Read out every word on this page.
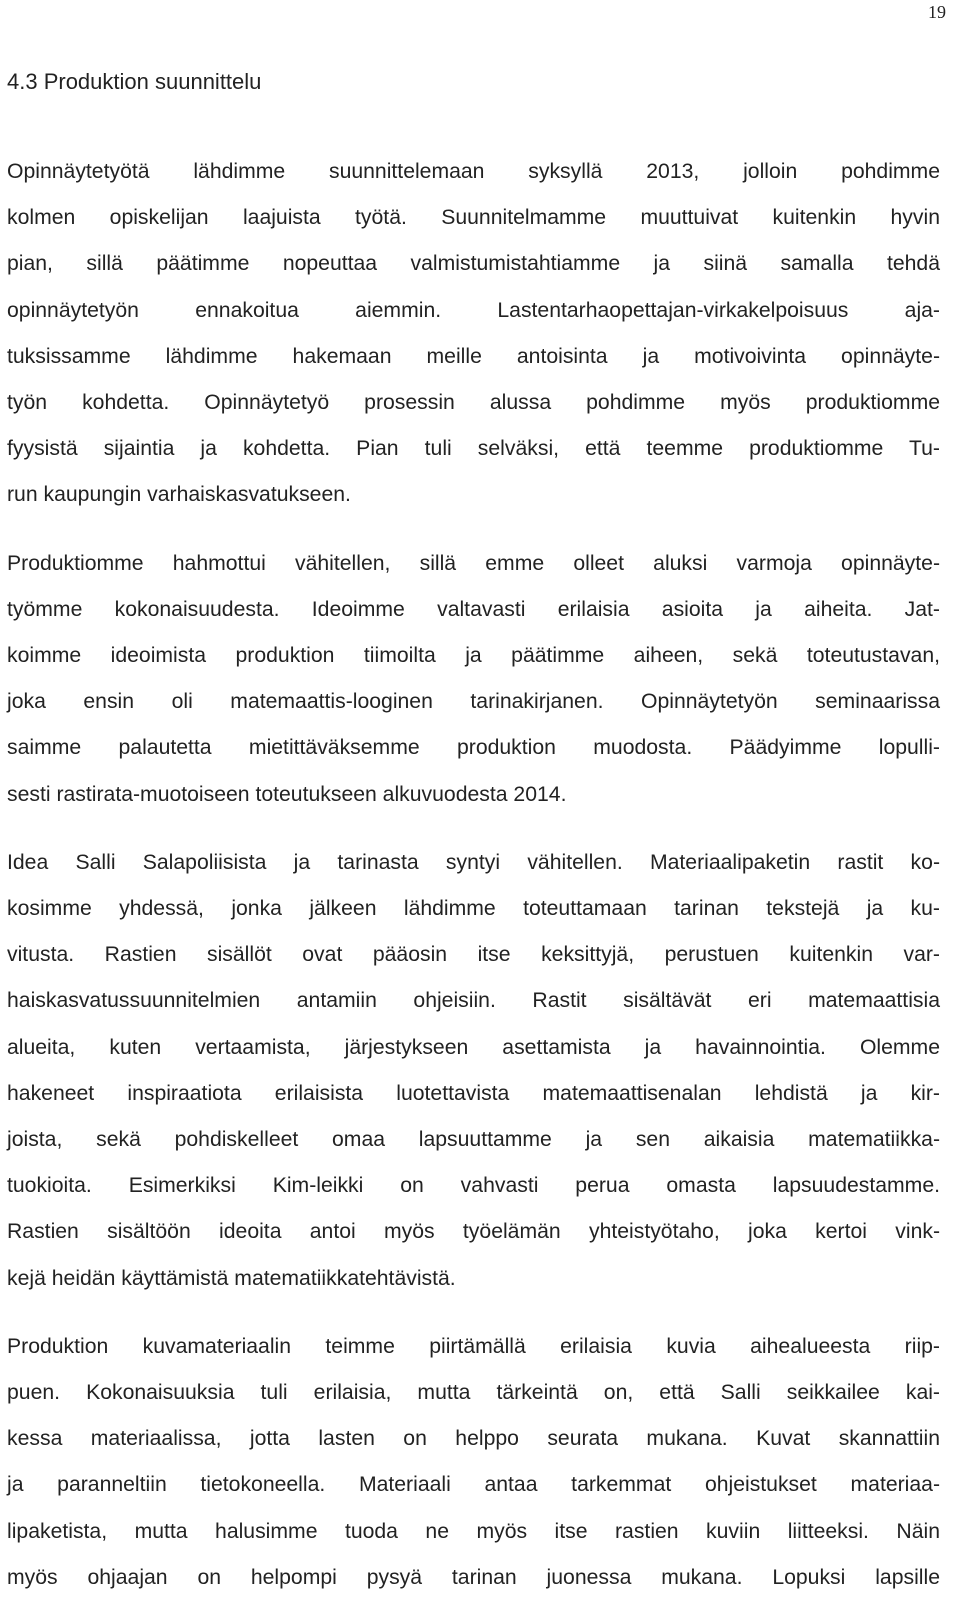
19
4.3 Produktion suunnittelu
Opinnäytetyötä lähdimme suunnittelemaan syksyllä 2013, jolloin pohdimme
kolmen opiskelijan laajuista työtä. Suunnitelmamme muuttuivat kuitenkin hyvin
pian, sillä päätimme nopeuttaa valmistumistahtiamme ja siinä samalla tehdä
opinnäytetyön ennakoitua aiemmin. Lastentarhaopettajan-virkakelpoisuus aja-
tuksissamme lähdimme hakemaan meille antoisinta ja motivoivinta opinnäyte-
työn kohdetta. Opinnäytetyö prosessin alussa pohdimme myös produktiomme
fyysistä sijaintia ja kohdetta. Pian tuli selväksi, että teemme produktiomme Tu-
run kaupungin varhaiskasvatukseen.
Produktiomme hahmottui vähitellen, sillä emme olleet aluksi varmoja opinnäyte-
työmme kokonaisuudesta. Ideoimme valtavasti erilaisia asioita ja aiheita. Jat-
koimme ideoimista produktion tiimoilta ja päätimme aiheen, sekä toteutustavan,
joka ensin oli matemaattis-looginen tarinakirjanen. Opinnäytetyön seminaarissa
saimme palautetta mietittäväksemme produktion muodosta. Päädyimme lopulli-
sesti rastirata-muotoiseen toteutukseen alkuvuodesta 2014.
Idea Salli Salapoliisista ja tarinasta syntyi vähitellen. Materiaalipaketin rastit ko-
kosimme yhdessä, jonka jälkeen lähdimme toteuttamaan tarinan tekstejä ja ku-
vitusta. Rastien sisällöt ovat pääosin itse keksittyjä, perustuen kuitenkin var-
haiskasvatussuunnitelmien antamiin ohjeisiin. Rastit sisältävät eri matemaattisia
alueita, kuten vertaamista, järjestykseen asettamista ja havainnointia. Olemme
hakeneet inspiraatiota erilaisista luotettavista matemaattisenalan lehdistä ja kir-
joista, sekä pohdiskelleet omaa lapsuuttamme ja sen aikaisia matematiikka-
tuokioita. Esimerkiksi Kim-leikki on vahvasti perua omasta lapsuudestamme.
Rastien sisältöön ideoita antoi myös työelämän yhteistyötaho, joka kertoi vink-
kejä heidän käyttämistä matematiikkatehtävistä.
Produktion kuvamateriaalin teimme piirtämällä erilaisia kuvia aihealueesta riip-
puen. Kokonaisuuksia tuli erilaisia, mutta tärkeintä on, että Salli seikkailee kai-
kessa materiaalissa, jotta lasten on helppo seurata mukana. Kuvat skannattiin
ja paranneltiin tietokoneella. Materiaali antaa tarkemmat ohjeistukset materiaa-
lipaketista, mutta halusimme tuoda ne myös itse rastien kuviin liitteeksi. Näin
myös ohjaajan on helpompi pysyä tarinan juonessa mukana. Lopuksi lapsille
